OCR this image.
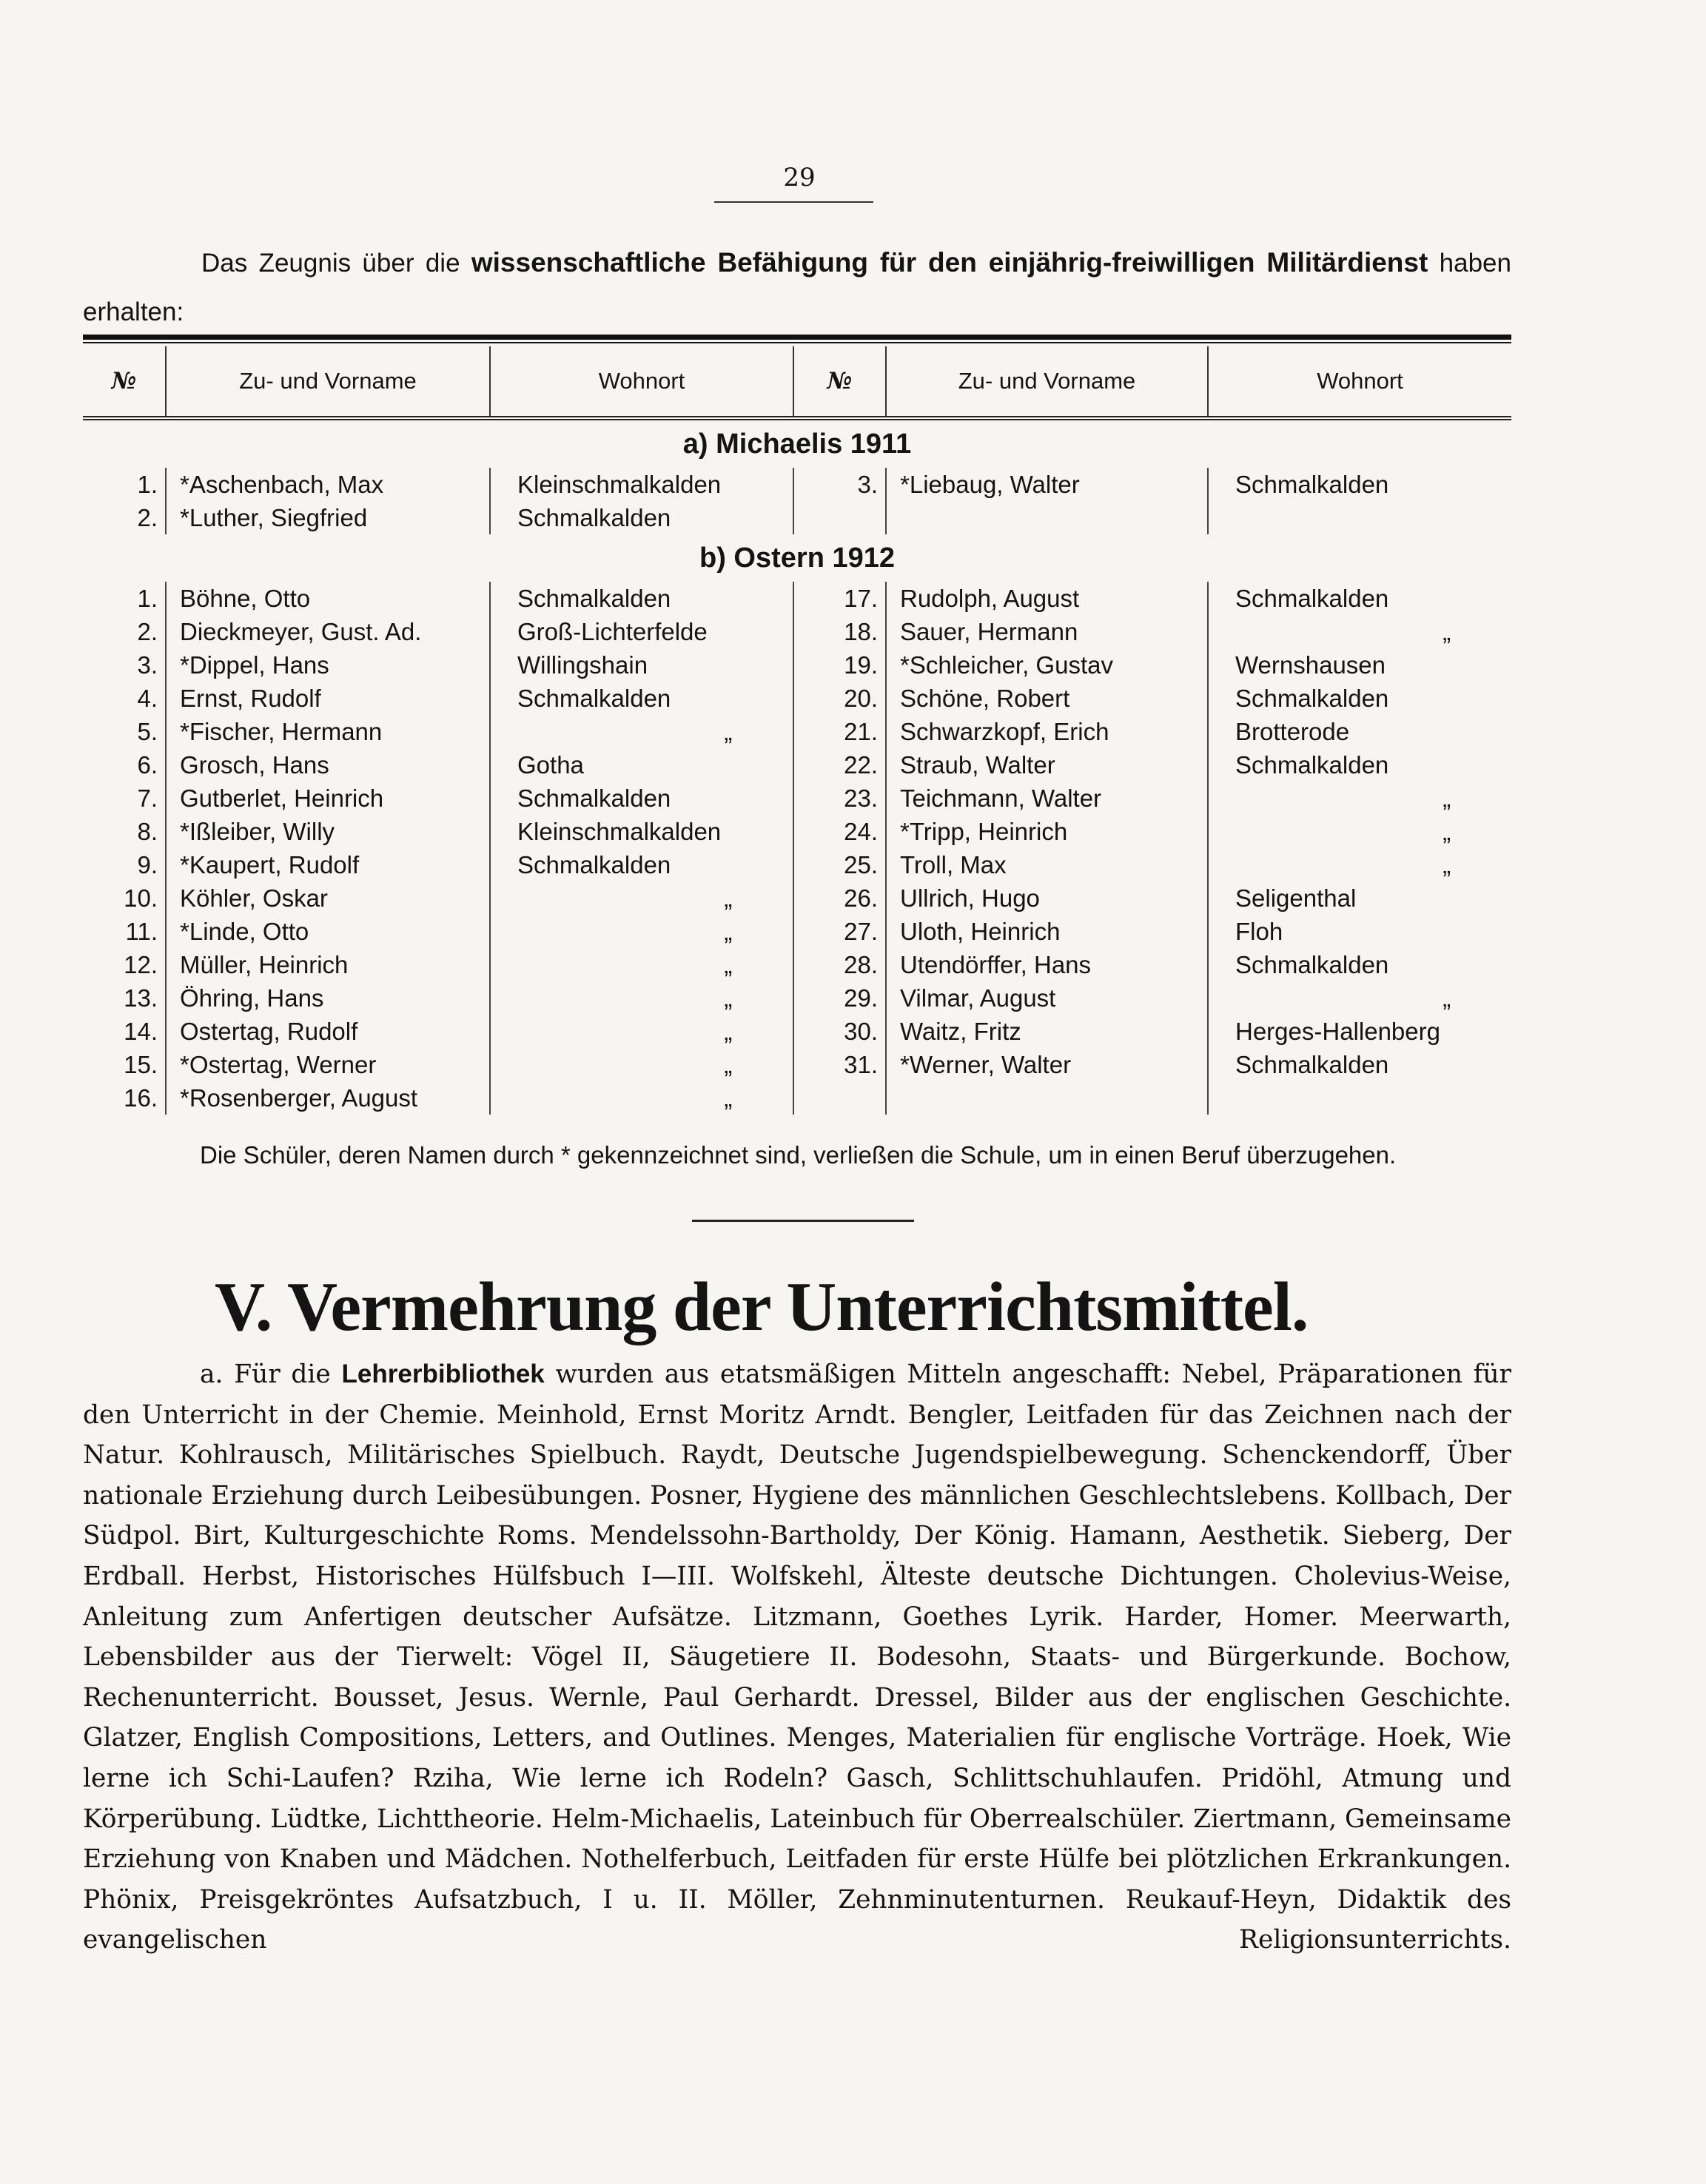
29
Das Zeugnis über die wissenschaftliche Befähigung für den einjährig-freiwilligen Militärdienst haben erhalten:
№	Zu- und Vorname	Wohnort	№	Zu- und Vorname	Wohnort
a) Michaelis 1911					
1.	*Aschenbach, Max	Kleinschmalkalden	3.	*Liebaug, Walter	Schmalkalden
2.	*Luther, Siegfried	Schmalkalden			
b) Ostern 1912					
1.	Böhne, Otto	Schmalkalden	17.	Rudolph, August	Schmalkalden
2.	Dieckmeyer, Gust. Ad.	Groß-Lichterfelde	18.	Sauer, Hermann	„
3.	*Dippel, Hans	Willingshain	19.	*Schleicher, Gustav	Wernshausen
4.	Ernst, Rudolf	Schmalkalden	20.	Schöne, Robert	Schmalkalden
5.	*Fischer, Hermann	„	21.	Schwarzkopf, Erich	Brotterode
6.	Grosch, Hans	Gotha	22.	Straub, Walter	Schmalkalden
7.	Gutberlet, Heinrich	Schmalkalden	23.	Teichmann, Walter	„
8.	*Ißleiber, Willy	Kleinschmalkalden	24.	*Tripp, Heinrich	„
9.	*Kaupert, Rudolf	Schmalkalden	25.	Troll, Max	„
10.	Köhler, Oskar	„	26.	Ullrich, Hugo	Seligenthal
11.	*Linde, Otto	„	27.	Uloth, Heinrich	Floh
12.	Müller, Heinrich	„	28.	Utendörffer, Hans	Schmalkalden
13.	Öhring, Hans	„	29.	Vilmar, August	„
14.	Ostertag, Rudolf	„	30.	Waitz, Fritz	Herges-Hallenberg
15.	*Ostertag, Werner	„	31.	*Werner, Walter	Schmalkalden
16.	*Rosenberger, August	„			
Die Schüler, deren Namen durch * gekennzeichnet sind, verließen die Schule, um in einen Beruf überzugehen.
V. Vermehrung der Unterrichtsmittel.
a. Für die Lehrerbibliothek wurden aus etatsmäßigen Mitteln angeschafft: Nebel, Präparationen für den Unterricht in der Chemie. Meinhold, Ernst Moritz Arndt. Bengler, Leitfaden für das Zeichnen nach der Natur. Kohlrausch, Militärisches Spielbuch. Raydt, Deutsche Jugendspielbewegung. Schenckendorff, Über nationale Erziehung durch Leibesübungen. Posner, Hygiene des männlichen Geschlechtslebens. Kollbach, Der Südpol. Birt, Kulturgeschichte Roms. Mendelssohn-Bartholdy, Der König. Hamann, Aesthetik. Sieberg, Der Erdball. Herbst, Historisches Hülfsbuch I—III. Wolfskehl, Älteste deutsche Dichtungen. Cholevius-Weise, Anleitung zum Anfertigen deutscher Aufsätze. Litzmann, Goethes Lyrik. Harder, Homer. Meerwarth, Lebensbilder aus der Tierwelt: Vögel II, Säugetiere II. Bodesohn, Staats- und Bürgerkunde. Bochow, Rechenunterricht. Bousset, Jesus. Wernle, Paul Gerhardt. Dressel, Bilder aus der englischen Geschichte. Glatzer, English Compositions, Letters, and Outlines. Menges, Materialien für englische Vorträge. Hoek, Wie lerne ich Schi-Laufen? Rziha, Wie lerne ich Rodeln? Gasch, Schlittschuhlaufen. Pridöhl, Atmung und Körperübung. Lüdtke, Lichttheorie. Helm-Michaelis, Lateinbuch für Oberrealschüler. Ziertmann, Gemeinsame Erziehung von Knaben und Mädchen. Nothelferbuch, Leitfaden für erste Hülfe bei plötzlichen Erkrankungen. Phönix, Preisgekröntes Aufsatzbuch, I u. II. Möller, Zehnminutenturnen. Reukauf-Heyn, Didaktik des evangelischen Religionsunterrichts.
